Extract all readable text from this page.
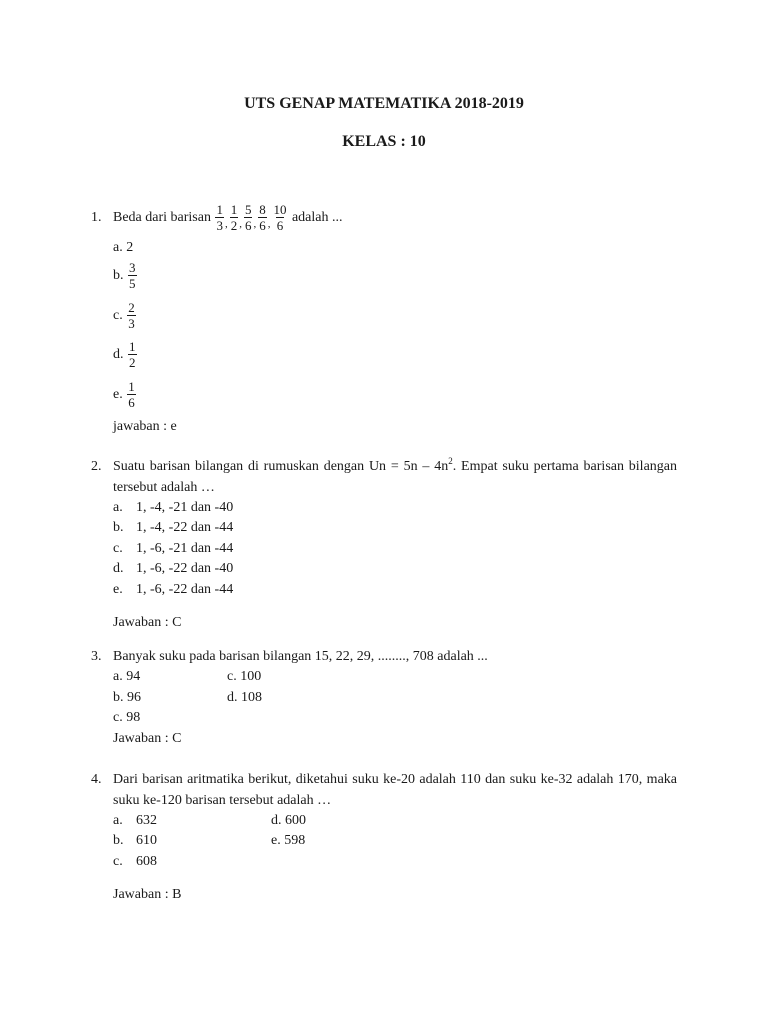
UTS GENAP MATEMATIKA 2018-2019
KELAS : 10
1. Beda dari barisan $\frac{1}{3} _, \frac{1}{2} _, \frac{5}{6} _, \frac{8}{6} _, \frac{10}{6}$ adalah ...
a. 2
b. $\frac{3}{5}$
c. $\frac{2}{3}$
d. $\frac{1}{2}$
e. $\frac{1}{6}$
jawaban : e
2. Suatu barisan bilangan di rumuskan dengan $Un = 5n - 4n^2$. Empat suku pertama barisan bilangan tersebut adalah …
a. 1, -4, -21 dan -40
b. 1, -4, -22 dan -44
c. 1, -6, -21 dan -44
d. 1, -6, -22 dan -40
e. 1, -6, -22 dan -44
Jawaban : C
3. Banyak suku pada barisan bilangan 15, 22, 29, ........, 708 adalah ...
a. 94	c. 100
b. 96	d. 108
c. 98
Jawaban : C
4. Dari barisan aritmatika berikut, diketahui suku ke-20 adalah 110 dan suku ke-32 adalah 170, maka suku ke-120 barisan tersebut adalah …
a. 632	d. 600
b. 610	e. 598
c. 608
Jawaban : B
